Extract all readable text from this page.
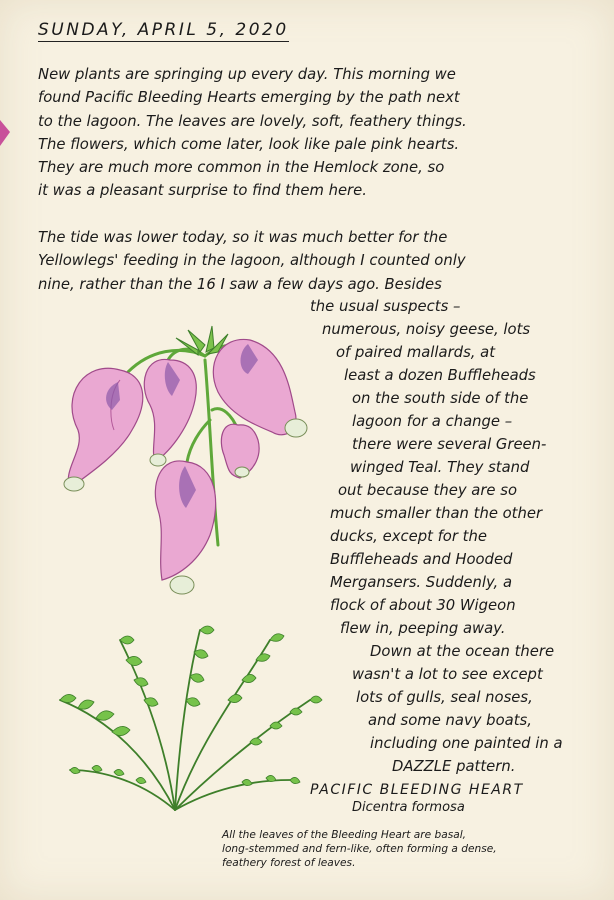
SUNDAY, APRIL 5, 2020
New plants are springing up every day. This morning we
found Pacific Bleeding Hearts emerging by the path next
to the lagoon. The leaves are lovely, soft, feathery things.
The flowers, which come later, look like pale pink hearts.
They are much more common in the Hemlock zone, so
it was a pleasant surprise to find them here.
The tide was lower today, so it was much better for the
Yellowlegs' feeding in the lagoon, although I counted only
nine, rather than the 16 I saw a few days ago. Besides
the usual suspects –
numerous, noisy geese, lots
of paired mallards, at
least a dozen Buffleheads
on the south side of the
lagoon for a change –
there were several Green-
winged Teal. They stand
out because they are so
much smaller than the other
ducks, except for the
Buffleheads and Hooded
Mergansers. Suddenly, a
flock of about 30 Wigeon
flew in, peeping away.
Down at the ocean there
wasn't a lot to see except
lots of gulls, seal noses,
and some navy boats,
including one painted in a
DAZZLE pattern.
PACIFIC BLEEDING HEART
Dicentra formosa
All the leaves of the Bleeding Heart are basal,
long-stemmed and fern-like, often forming a dense,
feathery forest of leaves.
